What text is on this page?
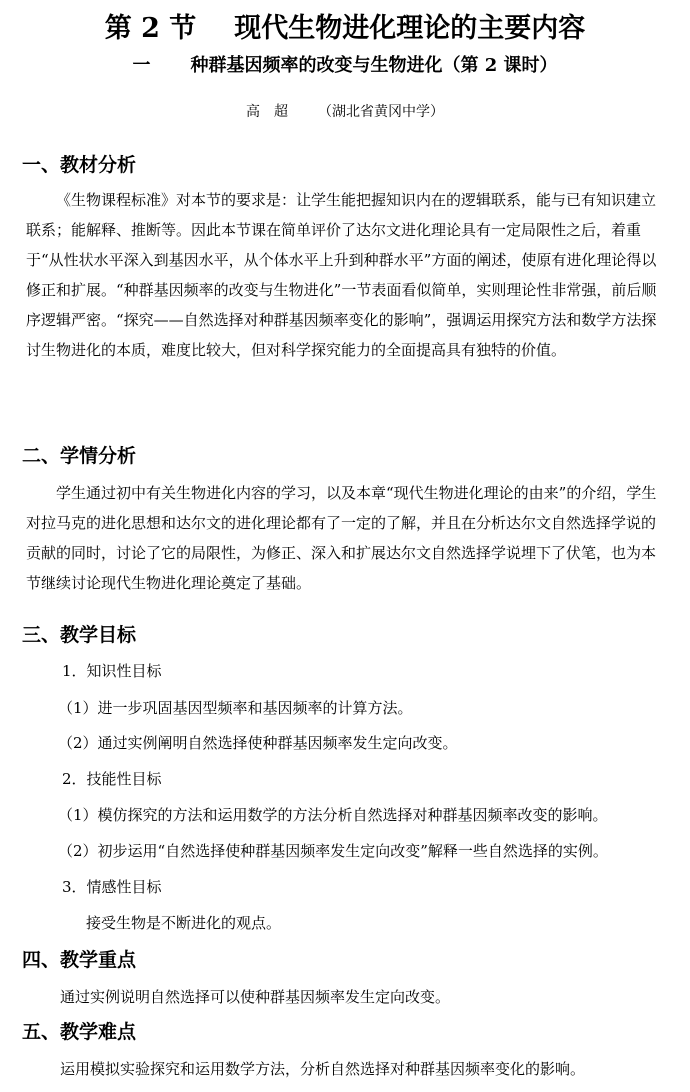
第 2 节 现代生物进化理论的主要内容
一 种群基因频率的改变与生物进化（第 2 课时）
高超 （湖北省黄冈中学）
一、教材分析

《生物课程标准》对本节的要求是：让学生能把握知识内在的逻辑联系，能与已有知识建立联系；能解释、推断等。因此本节课在简单评价了达尔文进化理论具有一定局限性之后，着重于“从性状水平深入到基因水平，从个体水平上升到种群水平”方面的阐述，使原有进化理论得以修正和扩展。“种群基因频率的改变与生物进化”一节表面看似简单，实则理论性非常强，前后顺序逻辑严密。“探究——自然选择对种群基因频率变化的影响”，强调运用探究方法和数学方法探讨生物进化的本质，难度比较大，但对科学探究能力的全面提高具有独特的价值。

二、学情分析

学生通过初中有关生物进化内容的学习，以及本章“现代生物进化理论的由来”的介绍，学生对拉马克的进化思想和达尔文的进化理论都有了一定的了解，并且在分析达尔文自然选择学说的贡献的同时，讨论了它的局限性，为修正、深入和扩展达尔文自然选择学说埋下了伏笔，也为本节继续讨论现代生物进化理论奠定了基础。

三、教学目标
1．知识性目标
（1）进一步巩固基因型频率和基因频率的计算方法。
（2）通过实例阐明自然选择使种群基因频率发生定向改变。
2．技能性目标
（1）模仿探究的方法和运用数学的方法分析自然选择对种群基因频率改变的影响。
（2）初步运用“自然选择使种群基因频率发生定向改变”解释一些自然选择的实例。
3．情感性目标
接受生物是不断进化的观点。
四、教学重点
通过实例说明自然选择可以使种群基因频率发生定向改变。
五、教学难点
运用模拟实验探究和运用数学方法，分析自然选择对种群基因频率变化的影响。
